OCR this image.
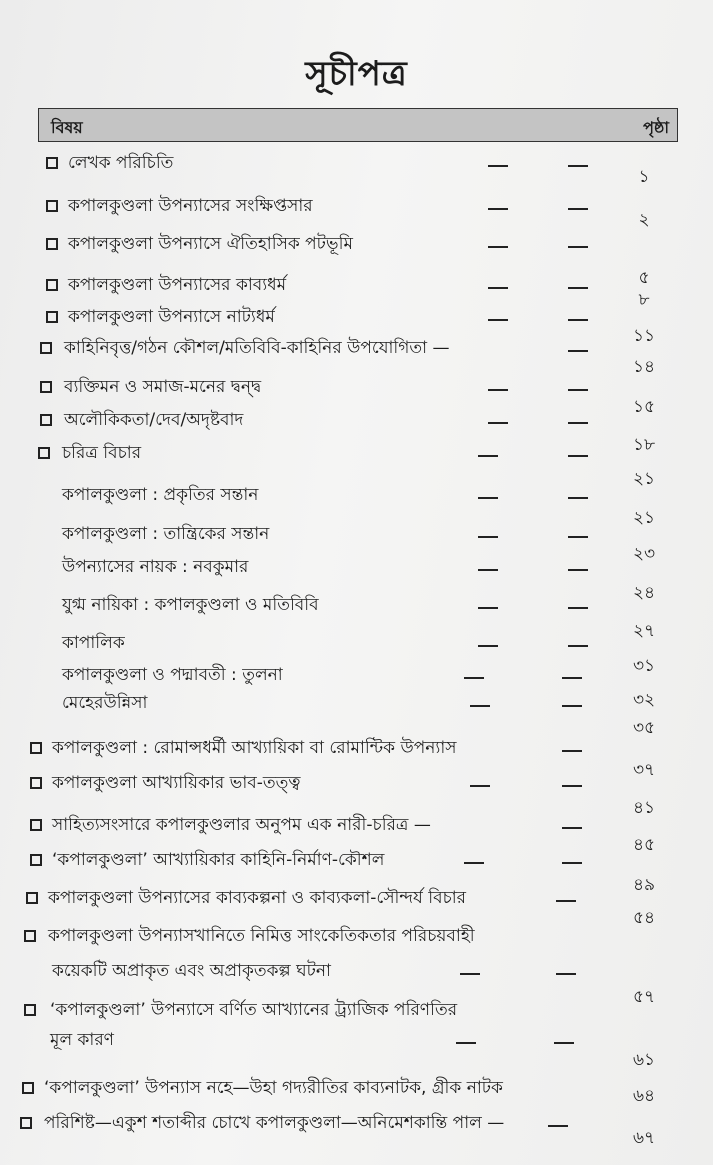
সূচীপত্র
বিষয়	পৃষ্ঠা
লেখক পরিচিতি
১
কপালকুণ্ডলা উপন্যাসের সংক্ষিপ্তসার
২
কপালকুণ্ডলা উপন্যাসে ঐতিহাসিক পটভূমি
৫
কপালকুণ্ডলা উপন্যাসের কাব্যধর্ম
৮
কপালকুণ্ডলা উপন্যাসে নাট্যধর্ম
১১
কাহিনিবৃত্ত/গঠন কৌশল/মতিবিবি-কাহিনির উপযোগিতা —
১৪
ব্যক্তিমন ও সমাজ-মনের দ্বন্দ্ব
১৫
অলৌকিকতা/দেব/অদৃষ্টবাদ
১৮
চরিত্র বিচার
২১
কপালকুণ্ডলা : প্রকৃতির সন্তান
২১
কপালকুণ্ডলা : তান্ত্রিকের সন্তান
২৩
উপন্যাসের নায়ক : নবকুমার
২৪
যুগ্ম নায়িকা : কপালকুণ্ডলা ও মতিবিবি
২৭
কাপালিক
৩১
কপালকুণ্ডলা ও পদ্মাবতী : তুলনা
৩২
মেহেরউন্নিসা
৩৫
কপালকুণ্ডলা : রোমান্সধর্মী আখ্যায়িকা বা রোমান্টিক উপন্যাস
৩৭
কপালকুণ্ডলা আখ্যায়িকার ভাব-তত্ত্ব
৪১
সাহিত্যসংসারে কপালকুণ্ডলার অনুপম এক নারী-চরিত্র —
৪৫
‘কপালকুণ্ডলা’ আখ্যায়িকার কাহিনি-নির্মাণ-কৌশল
৪৯
কপালকুণ্ডলা উপন্যাসের কাব্যকল্পনা ও কাব্যকলা-সৌন্দর্য বিচার
৫৪
কপালকুণ্ডলা উপন্যাসখানিতে নিমিত্ত সাংকেতিকতার পরিচয়বাহী
কয়েকটি অপ্রাকৃত এবং অপ্রাকৃতকল্প ঘটনা
৫৭
‘কপালকুণ্ডলা’ উপন্যাসে বর্ণিত আখ্যানের ট্র্যাজিক পরিণতির
মূল কারণ
৬১
‘কপালকুণ্ডলা’ উপন্যাস নহে—উহা গদ্যরীতির কাব্যনাটক, গ্রীক নাটক	৬৪
পরিশিষ্ট—একুশ শতাব্দীর চোখে কপালকুণ্ডলা—অনিমেশকান্তি পাল —
৬৭
